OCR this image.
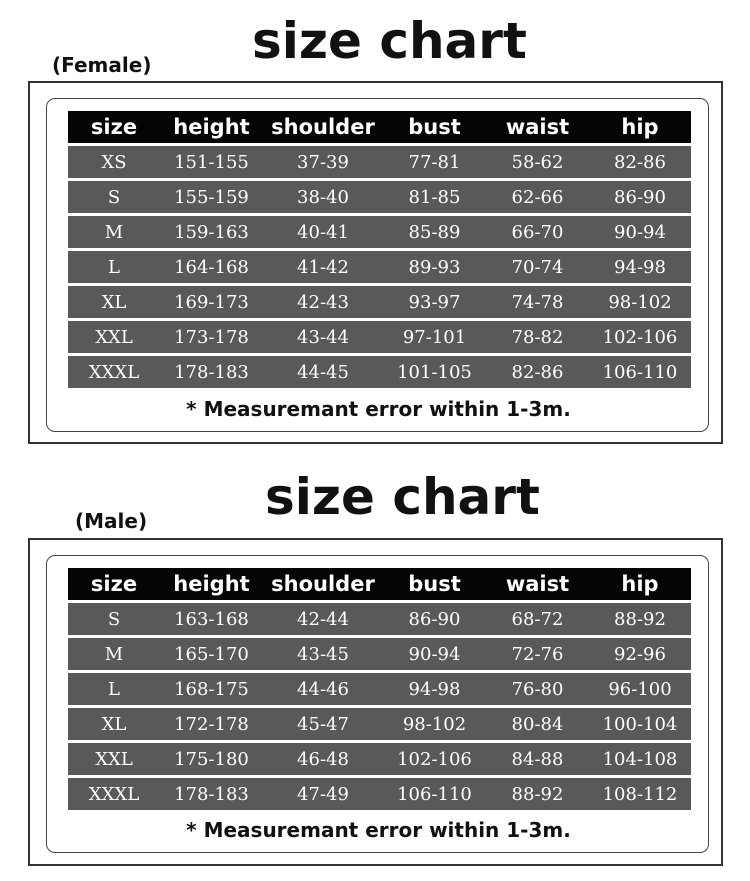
size chart

(Female)

size	height	shoulder	bust	waist	hip
XS	151-155	37-39	77-81	58-62	82-86
S	155-159	38-40	81-85	62-66	86-90
M	159-163	40-41	85-89	66-70	90-94
L	164-168	41-42	89-93	70-74	94-98
XL	169-173	42-43	93-97	74-78	98-102
XXL	173-178	43-44	97-101	78-82	102-106
XXXL	178-183	44-45	101-105	82-86	106-110

* Measuremant error within 1-3m.

size chart

(Male)

size	height	shoulder	bust	waist	hip
S	163-168	42-44	86-90	68-72	88-92
M	165-170	43-45	90-94	72-76	92-96
L	168-175	44-46	94-98	76-80	96-100
XL	172-178	45-47	98-102	80-84	100-104
XXL	175-180	46-48	102-106	84-88	104-108
XXXL	178-183	47-49	106-110	88-92	108-112

* Measuremant error within 1-3m.
